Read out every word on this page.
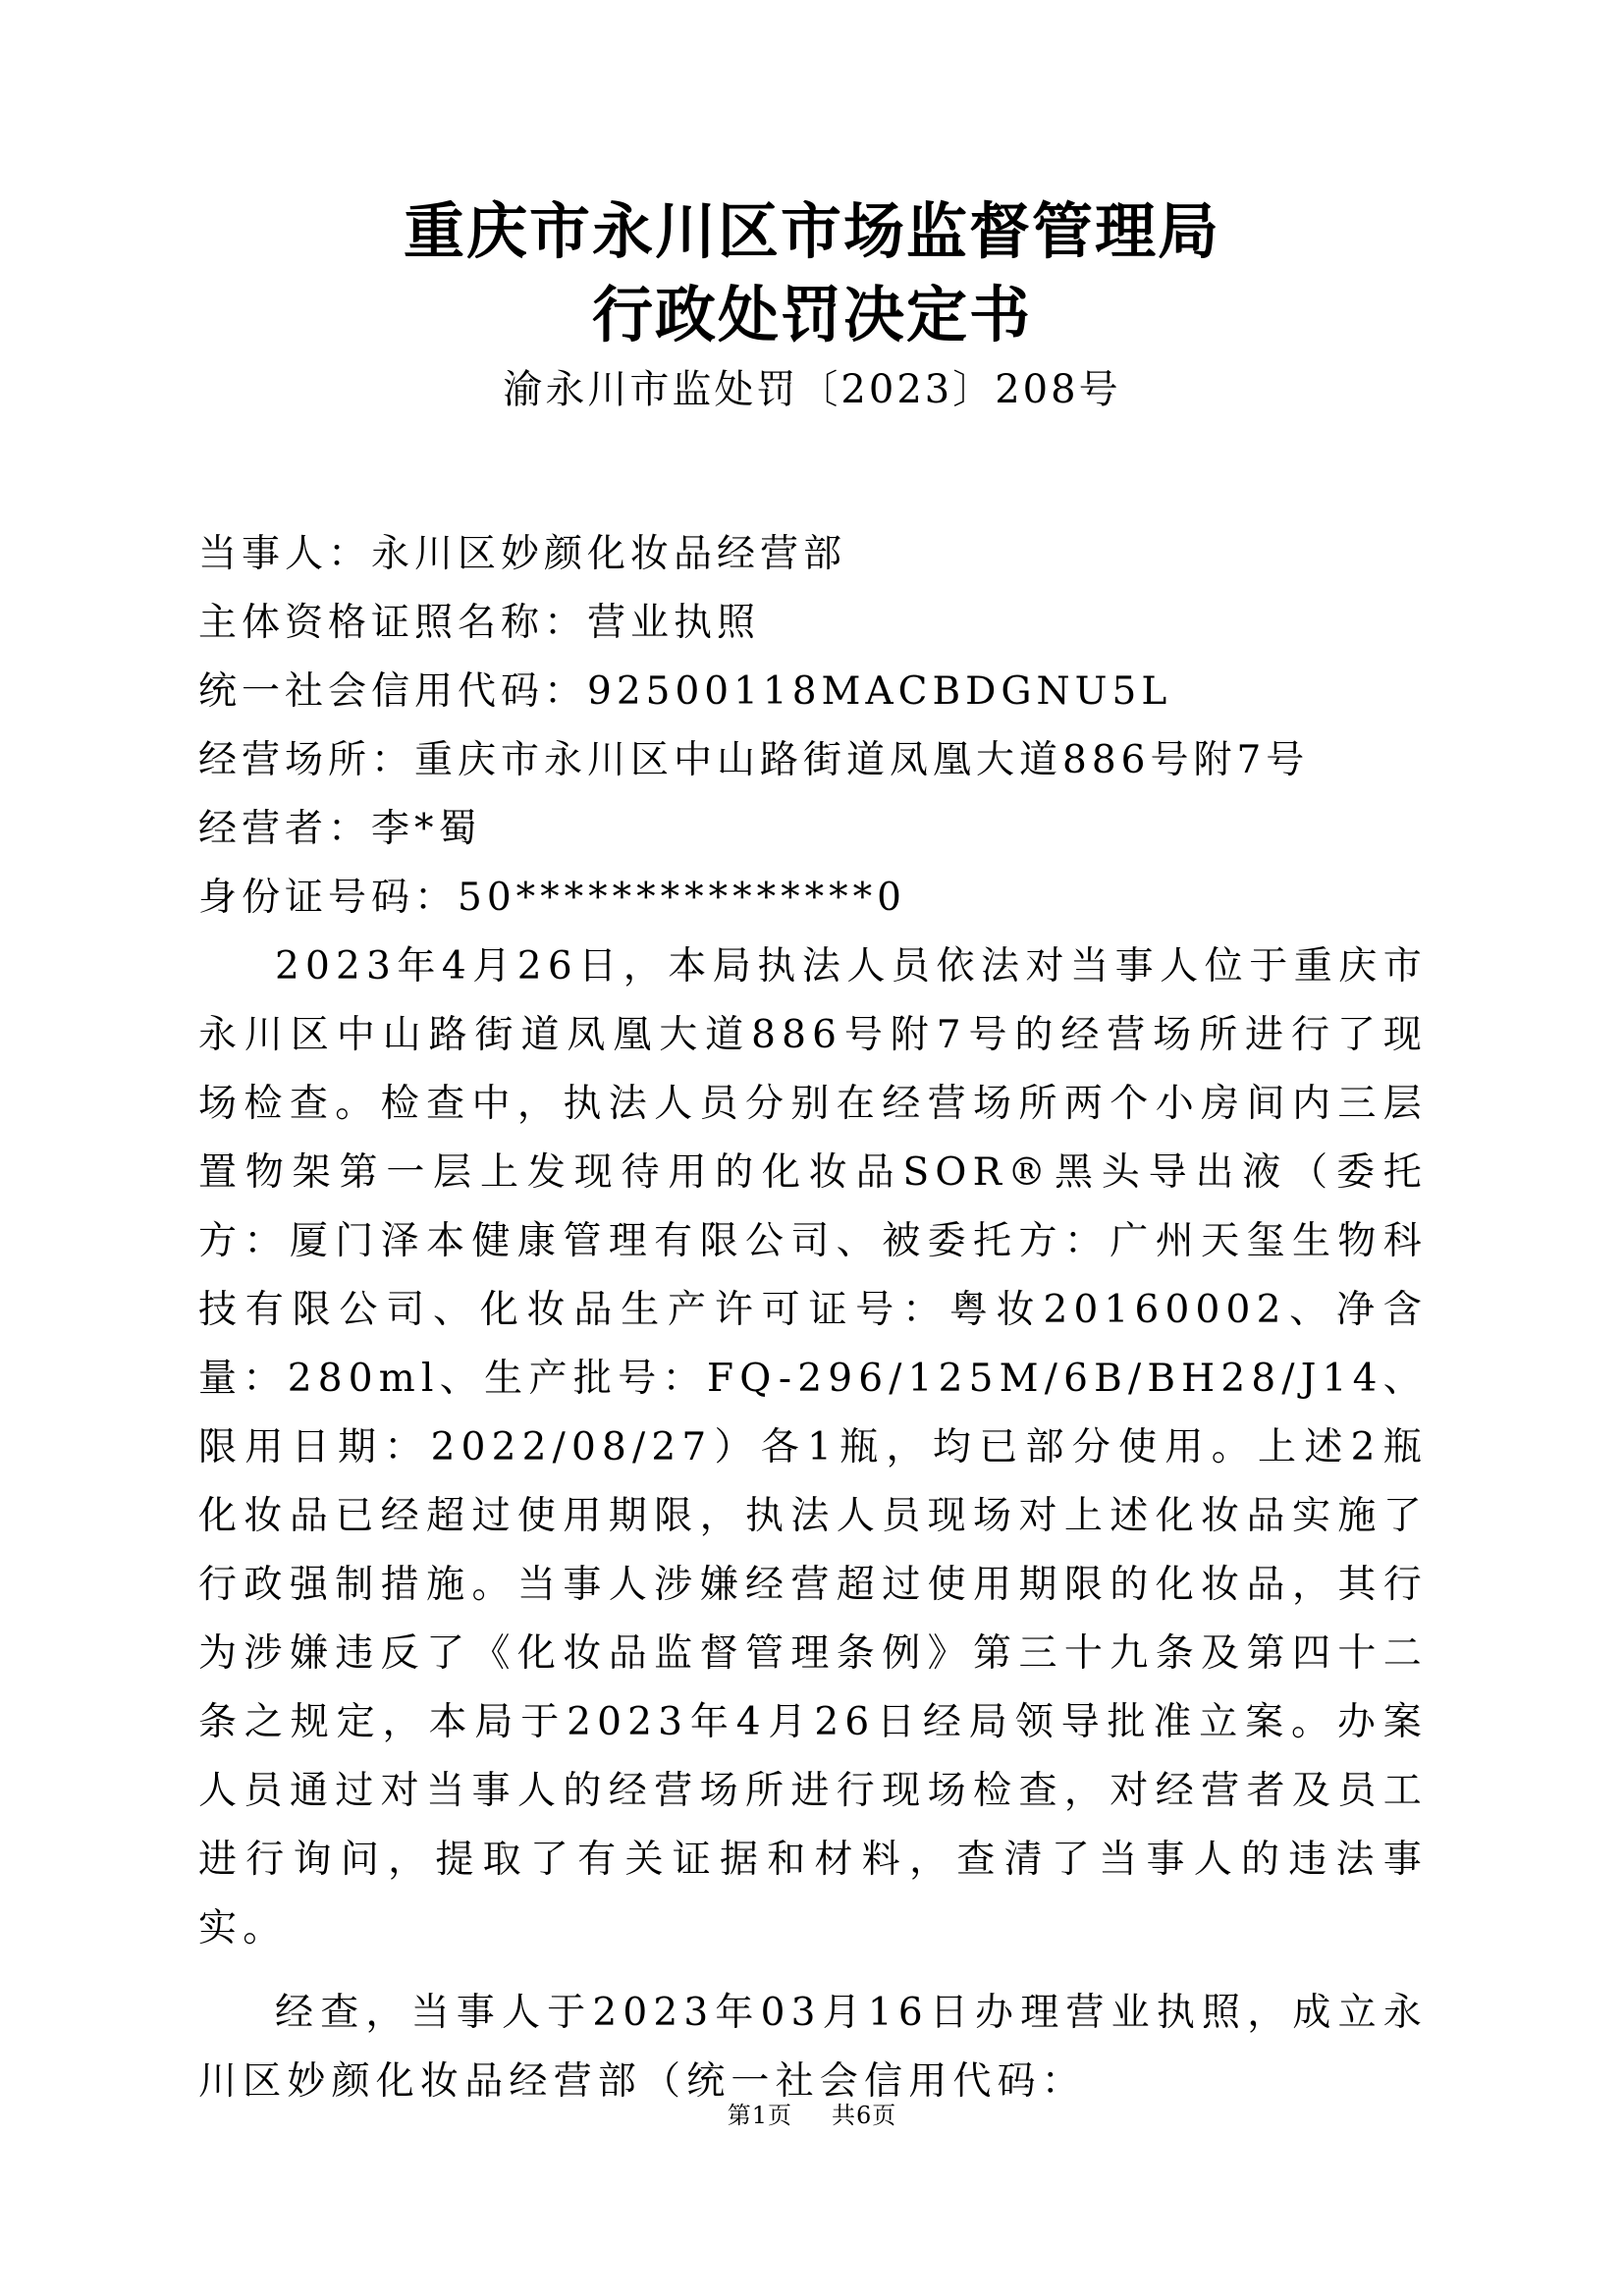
重庆市永川区市场监督管理局
行政处罚决定书
渝永川市监处罚〔2023〕208号
当事人：永川区妙颜化妆品经营部
主体资格证照名称：营业执照
统一社会信用代码：92500118MACBDGNU5L
经营场所：重庆市永川区中山路街道凤凰大道886号附7号
经营者：李*蜀
身份证号码：50***************0

2023年4月26日，本局执法人员依法对当事人位于重庆市永川区中山路街道凤凰大道886号附7号的经营场所进行了现场检查。检查中，执法人员分别在经营场所两个小房间内三层置物架第一层上发现待用的化妆品SOR®黑头导出液（委托方：厦门泽本健康管理有限公司、被委托方：广州天玺生物科技有限公司、化妆品生产许可证号：粤妆20160002、净含量：280ml、生产批号：FQ-296/125M/6B/BH28/J14、限用日期：2022/08/27）各1瓶，均已部分使用。上述2瓶化妆品已经超过使用期限，执法人员现场对上述化妆品实施了行政强制措施。当事人涉嫌经营超过使用期限的化妆品，其行为涉嫌违反了《化妆品监督管理条例》第三十九条及第四十二条之规定，本局于2023年4月26日经局领导批准立案。办案人员通过对当事人的经营场所进行现场检查，对经营者及员工进行询问，提取了有关证据和材料，查清了当事人的违法事实。

经查，当事人于2023年03月16日办理营业执照，成立永川区妙颜化妆品经营部（统一社会信用代码：

第1页 共6页
